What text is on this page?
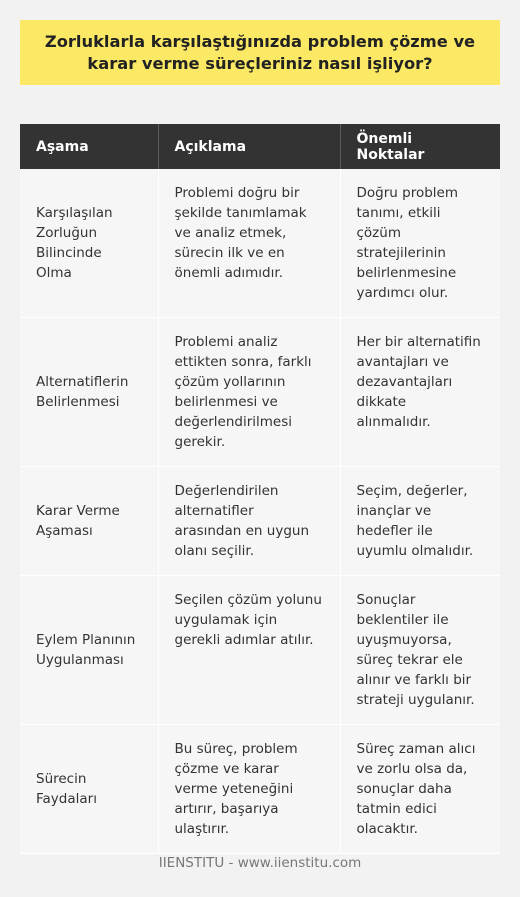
Zorluklarla karşılaştığınızda problem çözme ve karar verme süreçleriniz nasıl işliyor?
Aşama	Açıklama	Önemli Noktalar
Karşılaşılan Zorluğun Bilincinde Olma	Problemi doğru bir şekilde tanımlamak ve analiz etmek, sürecin ilk ve en önemli adımıdır.	Doğru problem tanımı, etkili çözüm stratejilerinin belirlenmesine yardımcı olur.
Alternatiflerin Belirlenmesi	Problemi analiz ettikten sonra, farklı çözüm yollarının belirlenmesi ve değerlendirilmesi gerekir.	Her bir alternatifin avantajları ve dezavantajları dikkate alınmalıdır.
Karar Verme Aşaması	Değerlendirilen alternatifler arasından en uygun olanı seçilir.	Seçim, değerler, inançlar ve hedefler ile uyumlu olmalıdır.
Eylem Planının Uygulanması	Seçilen çözüm yolunu uygulamak için gerekli adımlar atılır.	Sonuçlar beklentiler ile uyuşmuyorsa, süreç tekrar ele alınır ve farklı bir strateji uygulanır.
Sürecin Faydaları	Bu süreç, problem çözme ve karar verme yeteneğini artırır, başarıya ulaştırır.	Süreç zaman alıcı ve zorlu olsa da, sonuçlar daha tatmin edici olacaktır.
IIENSTITU - www.iienstitu.com
